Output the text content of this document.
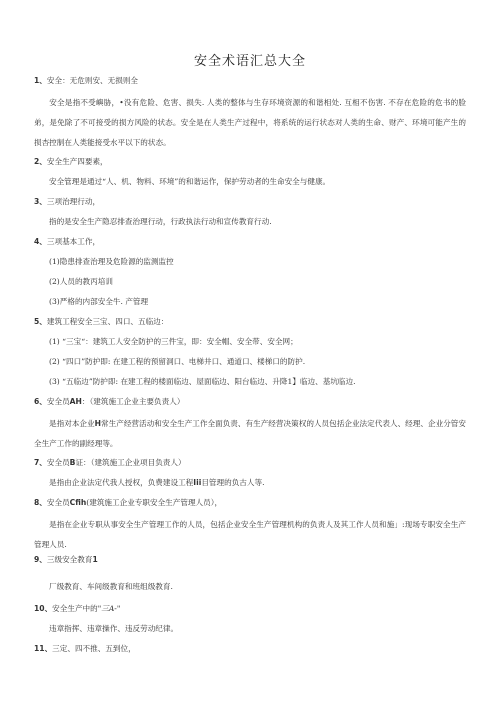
安全术语汇总大全
1、安全：无危则安、无损则全
安全是指不受嶼胁，•没有危险、危害、损失. 人类的整体与生存环境资源的和谐相处. 互相不伤害. 不存在危险的危书的脸弟，是免除了不可接受的损方风险的状态。安全是在人类生产过程中，将系统的运行状态对人类的生命、财产、环境可能产生的损杏控制在人类能接受水平以下的状态。
2、安全生产四要素，
安全管理是通过“人、机、物料、环境”的和谐运作，保护劳动者的生命安全与健康。
3、三项治理行动，
指的是安全生产隐忍排查治理行动，行政执法行动和宣传教育行动.
4、三项基本工作，
(1)隐患排查治理及危险源的监测监控
(2)人员的教丙培训
(3)严格的内部安全牛. 产管理
5、建筑工程安全三宝、四口、五临边：
(1) “三宝“：建筑工人安全防护的三件宝，即：安全帽、安全带、安全网；
(2) “四口”防护即: 在建工程的预留洞口、电梯井口、通道口、楼梯口的防护.
(3) “五临边”防护即: 在建工程的楼面临边、屋面临边、阳台临边、升降1】临边、基坑临边.
6、安全员AH：（建筑施工企业主要负责人）
是指对本企业H常生产经营活动和安全生产工作全面负责、有生产经营决策权的人员包括企业法定代表人、经理、企业分管安全生产工作的副经理等。
7、安全员B证：（建筑施工企业项目负责人）
是指由企业法定代我人授权，负费建设工程Iii目管理的负古人等.
8、安全员Cfih(建筑施工企业专职安全生产管理人员），
是指在企业专职从事安全生产管理工作的人员，包括企业安全生产管理机构的负责人及其工作人员和施」:现场专职安全生产管理人员.
9、三级安全教育1
厂级教育、车间级教育和班组级教育.
10、安全生产中的"三A-"
违章指挥、违章操作、违反劳动纪律。
11、三定、四不推、五到位，
